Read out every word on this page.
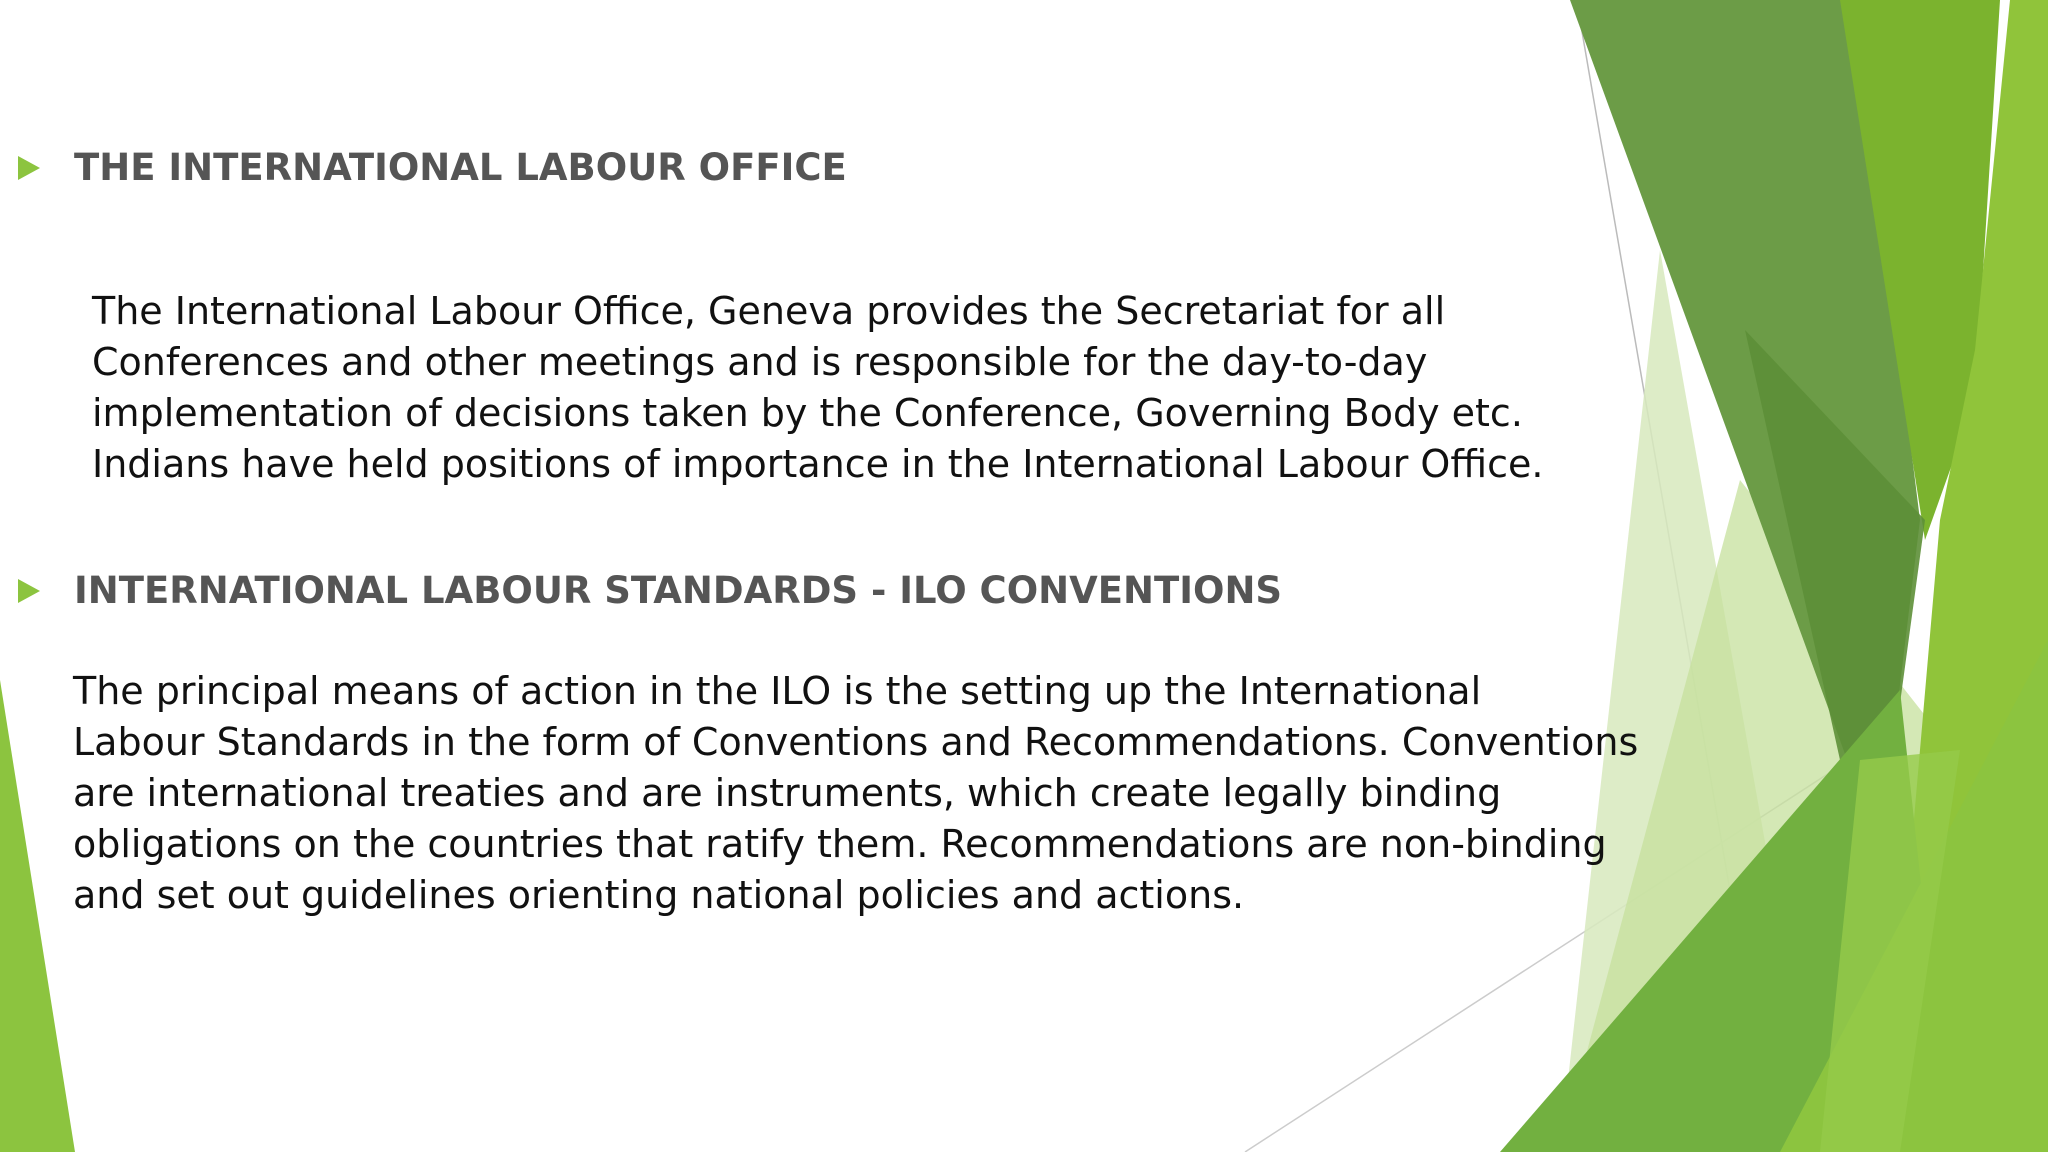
THE INTERNATIONAL LABOUR OFFICE
The International Labour Office, Geneva provides the Secretariat for all
Conferences and other meetings and is responsible for the day-to-day
implementation of decisions taken by the Conference, Governing Body etc.
Indians have held positions of importance in the International Labour Office.
INTERNATIONAL LABOUR STANDARDS - ILO CONVENTIONS
The principal means of action in the ILO is the setting up the International
Labour Standards in the form of Conventions and Recommendations. Conventions
are international treaties and are instruments, which create legally binding
obligations on the countries that ratify them. Recommendations are non-binding
and set out guidelines orienting national policies and actions.
